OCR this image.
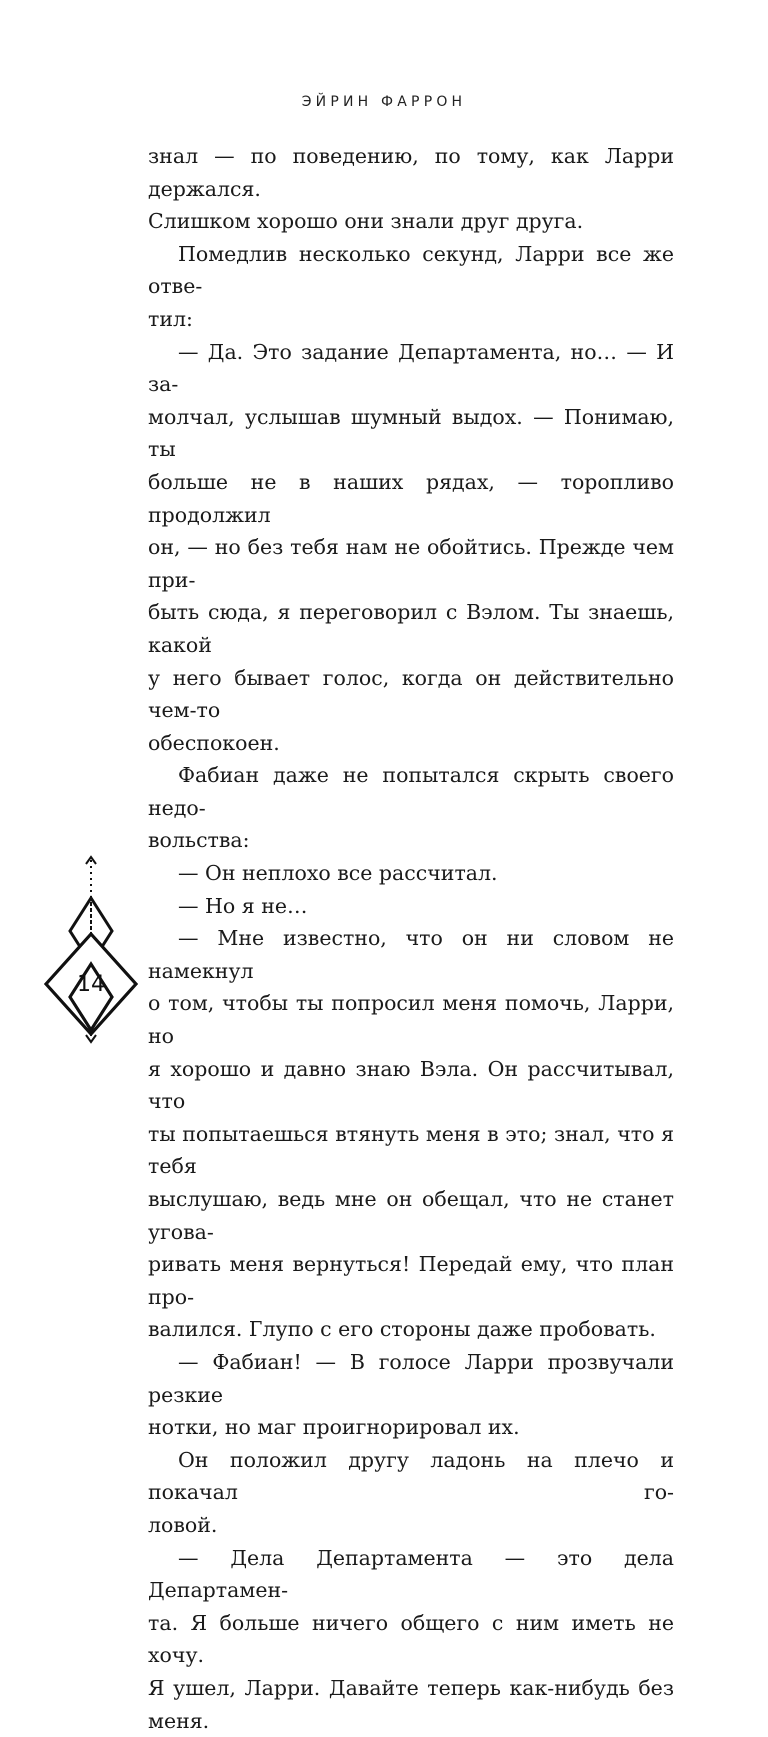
ЭЙРИН ФАРРОН

знал — по поведению, по тому, как Ларри держался.

Слишком хорошо они знали друг друга.

Помедлив несколько секунд, Ларри все же отве-

тил:

— Да. Это задание Департамента, но… — И за-

молчал, услышав шумный выдох. — Понимаю, ты

больше не в наших рядах, — торопливо продолжил

он, — но без тебя нам не обойтись. Прежде чем при-

быть сюда, я переговорил с Вэлом. Ты знаешь, какой

у него бывает голос, когда он действительно чем-то

обеспокоен.

Фабиан даже не попытался скрыть своего недо-

вольства:

— Он неплохо все рассчитал.

— Но я не…

— Мне известно, что он ни словом не намекнул

о том, чтобы ты попросил меня помочь, Ларри, но

я хорошо и давно знаю Вэла. Он рассчитывал, что

ты попытаешься втянуть меня в это; знал, что я тебя

выслушаю, ведь мне он обещал, что не станет угова-

ривать меня вернуться! Передай ему, что план про-

валился. Глупо с его стороны даже пробовать.

— Фабиан! — В голосе Ларри прозвучали резкие

нотки, но маг проигнорировал их.

Он положил другу ладонь на плечо и покачал го-

ловой.

— Дела Департамента — это дела Департамен-

та. Я больше ничего общего с ним иметь не хочу.

Я ушел, Ларри. Давайте теперь как-нибудь без

меня.

14
